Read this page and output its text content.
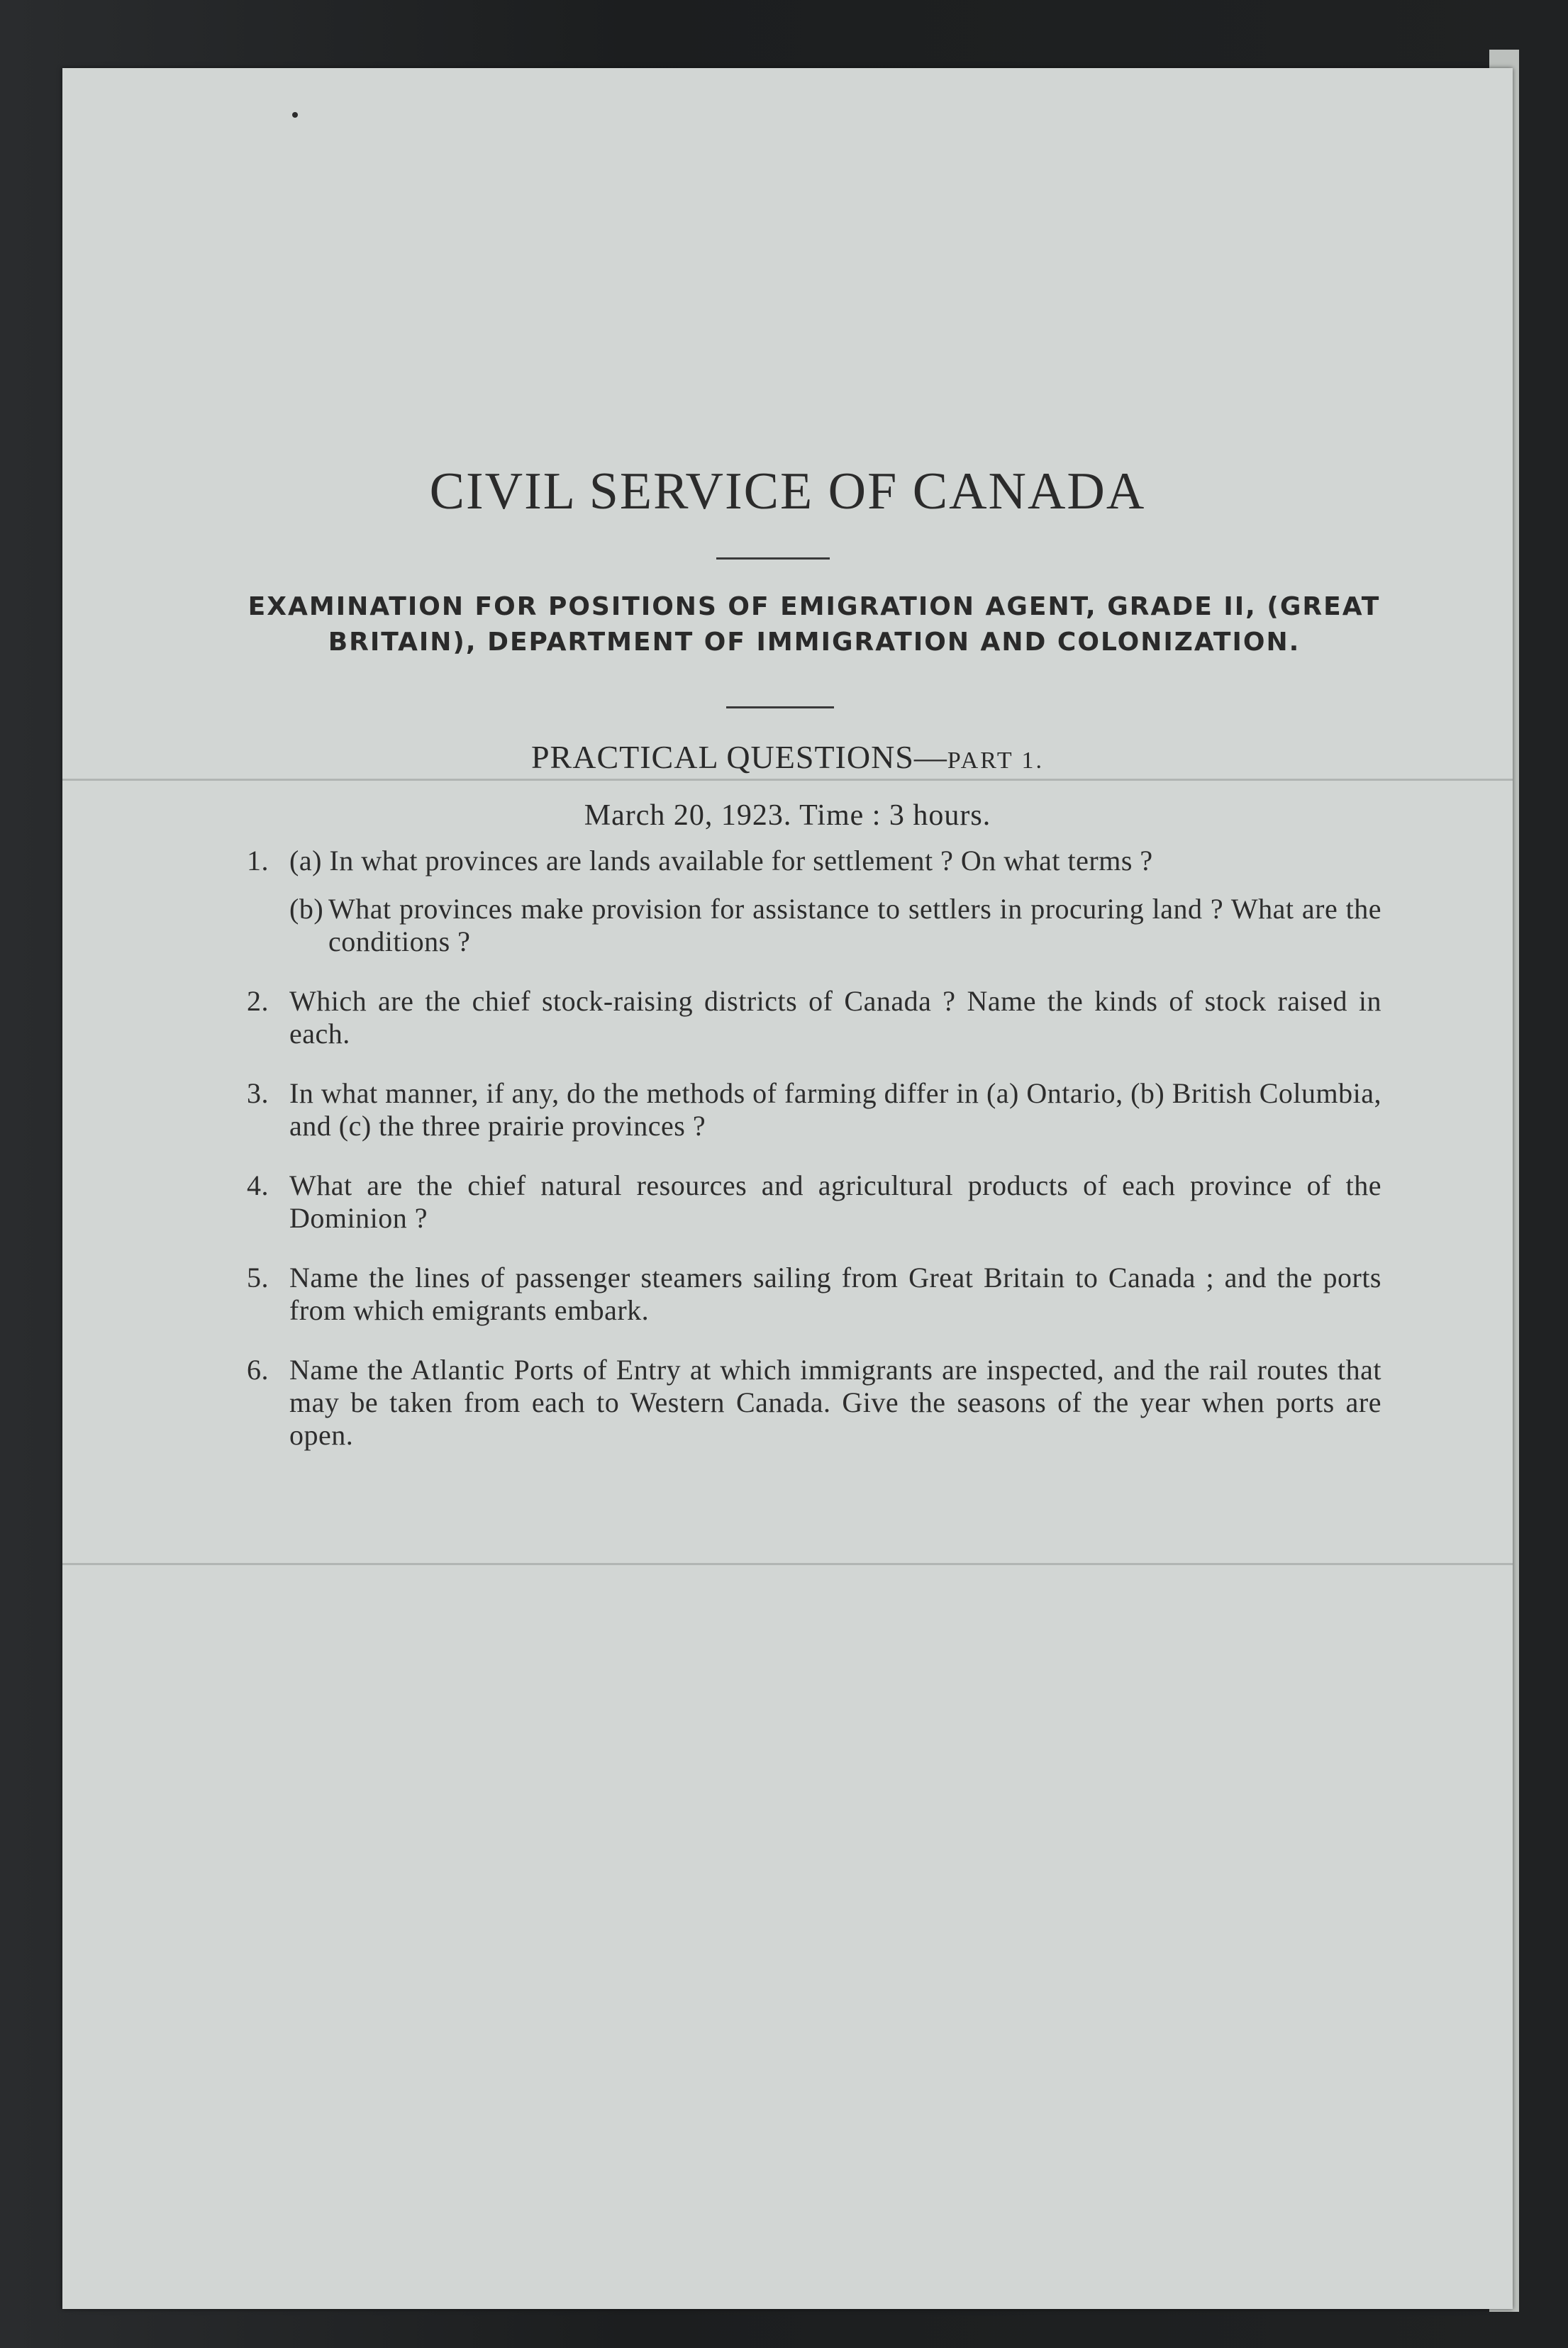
CIVIL SERVICE OF CANADA
EXAMINATION FOR POSITIONS OF EMIGRATION AGENT, GRADE II, (GREAT
BRITAIN), DEPARTMENT OF IMMIGRATION AND COLONIZATION.
PRACTICAL QUESTIONS—PART 1.
March 20, 1923. Time : 3 hours.
1. (a) In what provinces are lands available for settlement ? On what terms ?
(b) What provinces make provision for assistance to settlers in procuring land ? What are the conditions ?
2. Which are the chief stock-raising districts of Canada ? Name the kinds of stock raised in each.
3. In what manner, if any, do the methods of farming differ in (a) Ontario, (b) British Columbia, and (c) the three prairie provinces ?
4. What are the chief natural resources and agricultural products of each province of the Dominion ?
5. Name the lines of passenger steamers sailing from Great Britain to Canada ; and the ports from which emigrants embark.
6. Name the Atlantic Ports of Entry at which immigrants are inspected, and the rail routes that may be taken from each to Western Canada. Give the seasons of the year when ports are open.
